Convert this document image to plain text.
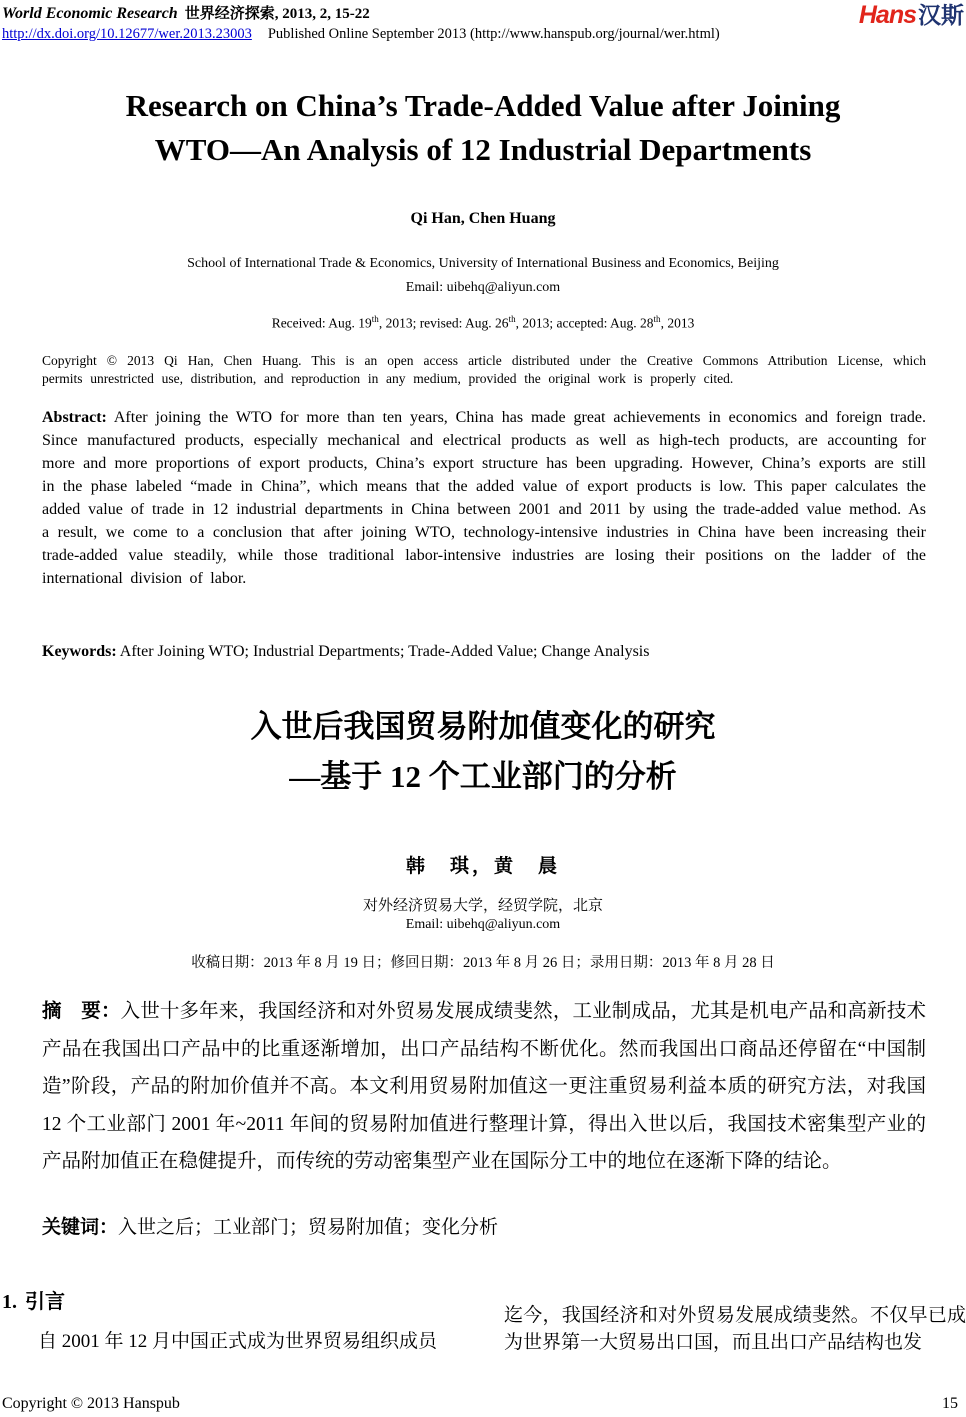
World Economic Research 世界经济探索, 2013, 2, 15-22	Hans汉斯
http://dx.doi.org/10.12677/wer.2013.23003 Published Online September 2013 (http://www.hanspub.org/journal/wer.html)
Research on China’s Trade-Added Value after Joining
WTO—An Analysis of 12 Industrial Departments
Qi Han, Chen Huang
School of International Trade & Economics, University of International Business and Economics, Beijing
Email: uibehq@aliyun.com
Received: Aug. 19th, 2013; revised: Aug. 26th, 2013; accepted: Aug. 28th, 2013
Copyright © 2013 Qi Han, Chen Huang. This is an open access article distributed under the Creative Commons Attribution License, which permits unrestricted use, distribution, and reproduction in any medium, provided the original work is properly cited.
Abstract: After joining the WTO for more than ten years, China has made great achievements in economics and foreign trade. Since manufactured products, especially mechanical and electrical products as well as high-tech products, are accounting for more and more proportions of export products, China’s export structure has been upgrading. However, China’s exports are still in the phase labeled “made in China”, which means that the added value of export products is low. This paper calculates the added value of trade in 12 industrial departments in China between 2001 and 2011 by using the trade-added value method. As a result, we come to a conclusion that after joining WTO, technology-intensive industries in China have been increasing their trade-added value steadily, while those traditional labor-intensive industries are losing their positions on the ladder of the international division of labor.
Keywords: After Joining WTO; Industrial Departments; Trade-Added Value; Change Analysis
入世后我国贸易附加值变化的研究
—基于 12 个工业部门的分析
韩　琪，黄　晨
对外经济贸易大学，经贸学院，北京
Email: uibehq@aliyun.com
收稿日期：2013 年 8 月 19 日；修回日期：2013 年 8 月 26 日；录用日期：2013 年 8 月 28 日
摘　要：入世十多年来，我国经济和对外贸易发展成绩斐然，工业制成品，尤其是机电产品和高新技术产品在我国出口产品中的比重逐渐增加，出口产品结构不断优化。然而我国出口商品还停留在“中国制造”阶段，产品的附加价值并不高。本文利用贸易附加值这一更注重贸易利益本质的研究方法，对我国 12 个工业部门 2001 年~2011 年间的贸易附加值进行整理计算，得出入世以后，我国技术密集型产业的产品附加值正在稳健提升，而传统的劳动密集型产业在国际分工中的地位在逐渐下降的结论。
关键词：入世之后；工业部门；贸易附加值；变化分析
1. 引言
自 2001 年 12 月中国正式成为世界贸易组织成员
迄今，我国经济和对外贸易发展成绩斐然。不仅早已成为世界第一大贸易出口国，而且出口产品结构也发
Copyright © 2013 Hanspub	15
